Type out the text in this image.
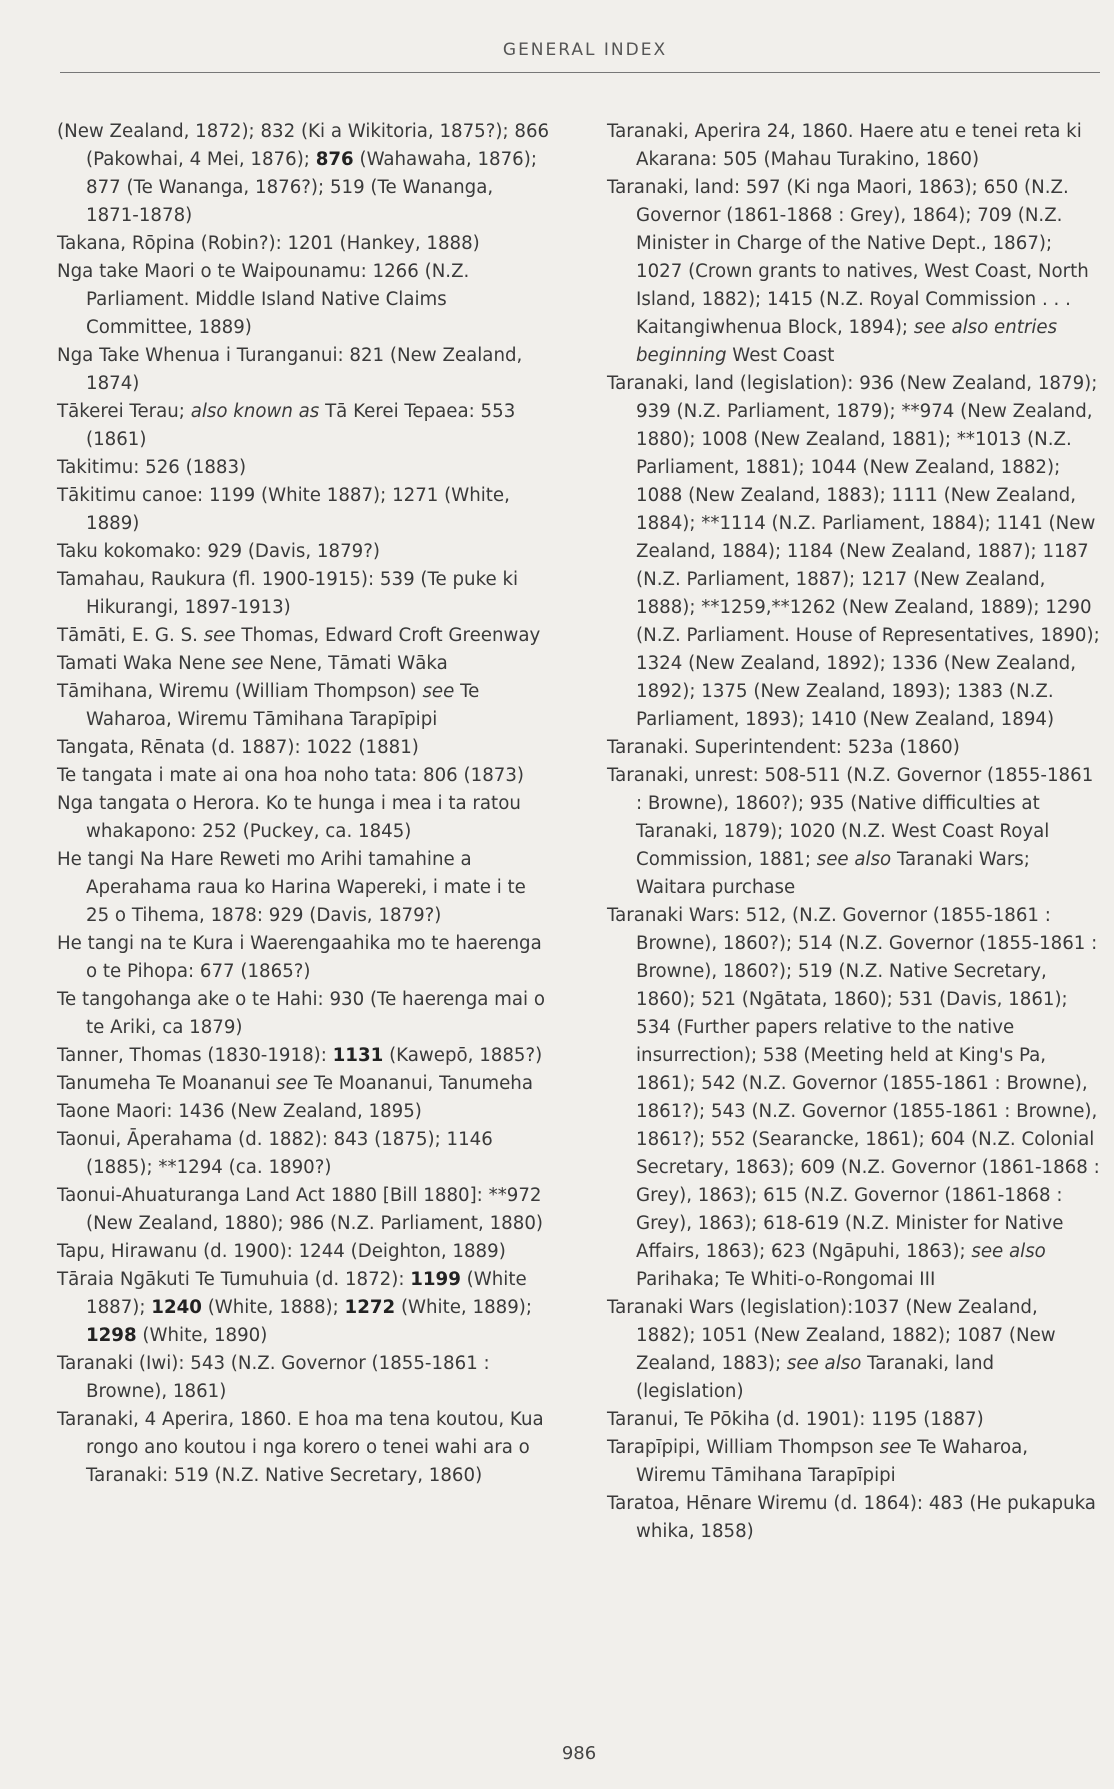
GENERAL INDEX
(New Zealand, 1872); 832 (Ki a Wikitoria, 1875?); 866 (Pakowhai, 4 Mei, 1876); 876 (Wahawaha, 1876); 877 (Te Wananga, 1876?); 519 (Te Wananga, 1871-1878)
Takana, Rōpina (Robin?): 1201 (Hankey, 1888)
Nga take Maori o te Waipounamu: 1266 (N.Z. Parliament. Middle Island Native Claims Committee, 1889)
Nga Take Whenua i Turanganui: 821 (New Zealand, 1874)
Tākerei Terau; also known as Tā Kerei Tepaea: 553 (1861)
Takitimu: 526 (1883)
Tākitimu canoe: 1199 (White 1887); 1271 (White, 1889)
Taku kokomako: 929 (Davis, 1879?)
Tamahau, Raukura (fl. 1900-1915): 539 (Te puke ki Hikurangi, 1897-1913)
Tāmāti, E. G. S. see Thomas, Edward Croft Greenway
Tamati Waka Nene see Nene, Tāmati Wāka
Tāmihana, Wiremu (William Thompson) see Te Waharoa, Wiremu Tāmihana Tarapīpipi
Tangata, Rēnata (d. 1887): 1022 (1881)
Te tangata i mate ai ona hoa noho tata: 806 (1873)
Nga tangata o Herora. Ko te hunga i mea i ta ratou whakapono: 252 (Puckey, ca. 1845)
He tangi Na Hare Reweti mo Arihi tamahine a Aperahama raua ko Harina Wapereki, i mate i te 25 o Tihema, 1878: 929 (Davis, 1879?)
He tangi na te Kura i Waerengaahika mo te haerenga o te Pihopa: 677 (1865?)
Te tangohanga ake o te Hahi: 930 (Te haerenga mai o te Ariki, ca 1879)
Tanner, Thomas (1830-1918): 1131 (Kawepō, 1885?)
Tanumeha Te Moananui see Te Moananui, Tanumeha
Taone Maori: 1436 (New Zealand, 1895)
Taonui, Āperahama (d. 1882): 843 (1875); 1146 (1885); **1294 (ca. 1890?)
Taonui-Ahuaturanga Land Act 1880 [Bill 1880]: **972 (New Zealand, 1880); 986 (N.Z. Parliament, 1880)
Tapu, Hirawanu (d. 1900): 1244 (Deighton, 1889)
Tāraia Ngākuti Te Tumuhuia (d. 1872): 1199 (White 1887); 1240 (White, 1888); 1272 (White, 1889); 1298 (White, 1890)
Taranaki (Iwi): 543 (N.Z. Governor (1855-1861 : Browne), 1861)
Taranaki, 4 Aperira, 1860. E hoa ma tena koutou, Kua rongo ano koutou i nga korero o tenei wahi ara o Taranaki: 519 (N.Z. Native Secretary, 1860)
Taranaki, Aperira 24, 1860. Haere atu e tenei reta ki Akarana: 505 (Mahau Turakino, 1860)
Taranaki, land: 597 (Ki nga Maori, 1863); 650 (N.Z. Governor (1861-1868 : Grey), 1864); 709 (N.Z. Minister in Charge of the Native Dept., 1867); 1027 (Crown grants to natives, West Coast, North Island, 1882); 1415 (N.Z. Royal Commission . . . Kaitangiwhenua Block, 1894); see also entries beginning West Coast
Taranaki, land (legislation): 936 (New Zealand, 1879); 939 (N.Z. Parliament, 1879); **974 (New Zealand, 1880); 1008 (New Zealand, 1881); **1013 (N.Z. Parliament, 1881); 1044 (New Zealand, 1882); 1088 (New Zealand, 1883); 1111 (New Zealand, 1884); **1114 (N.Z. Parliament, 1884); 1141 (New Zealand, 1884); 1184 (New Zealand, 1887); 1187 (N.Z. Parliament, 1887); 1217 (New Zealand, 1888); **1259,**1262 (New Zealand, 1889); 1290 (N.Z. Parliament. House of Representatives, 1890); 1324 (New Zealand, 1892); 1336 (New Zealand, 1892); 1375 (New Zealand, 1893); 1383 (N.Z. Parliament, 1893); 1410 (New Zealand, 1894)
Taranaki. Superintendent: 523a (1860)
Taranaki, unrest: 508-511 (N.Z. Governor (1855-1861 : Browne), 1860?); 935 (Native difficulties at Taranaki, 1879); 1020 (N.Z. West Coast Royal Commission, 1881; see also Taranaki Wars; Waitara purchase
Taranaki Wars: 512, (N.Z. Governor (1855-1861 : Browne), 1860?); 514 (N.Z. Governor (1855-1861 : Browne), 1860?); 519 (N.Z. Native Secretary, 1860); 521 (Ngātata, 1860); 531 (Davis, 1861); 534 (Further papers relative to the native insurrection); 538 (Meeting held at King's Pa, 1861); 542 (N.Z. Governor (1855-1861 : Browne), 1861?); 543 (N.Z. Governor (1855-1861 : Browne), 1861?); 552 (Searancke, 1861); 604 (N.Z. Colonial Secretary, 1863); 609 (N.Z. Governor (1861-1868 : Grey), 1863); 615 (N.Z. Governor (1861-1868 : Grey), 1863); 618-619 (N.Z. Minister for Native Affairs, 1863); 623 (Ngāpuhi, 1863); see also Parihaka; Te Whiti-o-Rongomai III
Taranaki Wars (legislation):1037 (New Zealand, 1882); 1051 (New Zealand, 1882); 1087 (New Zealand, 1883); see also Taranaki, land (legislation)
Taranui, Te Pōkiha (d. 1901): 1195 (1887)
Tarapīpipi, William Thompson see Te Waharoa, Wiremu Tāmihana Tarapīpipi
Taratoa, Hēnare Wiremu (d. 1864): 483 (He pukapuka whika, 1858)
986
